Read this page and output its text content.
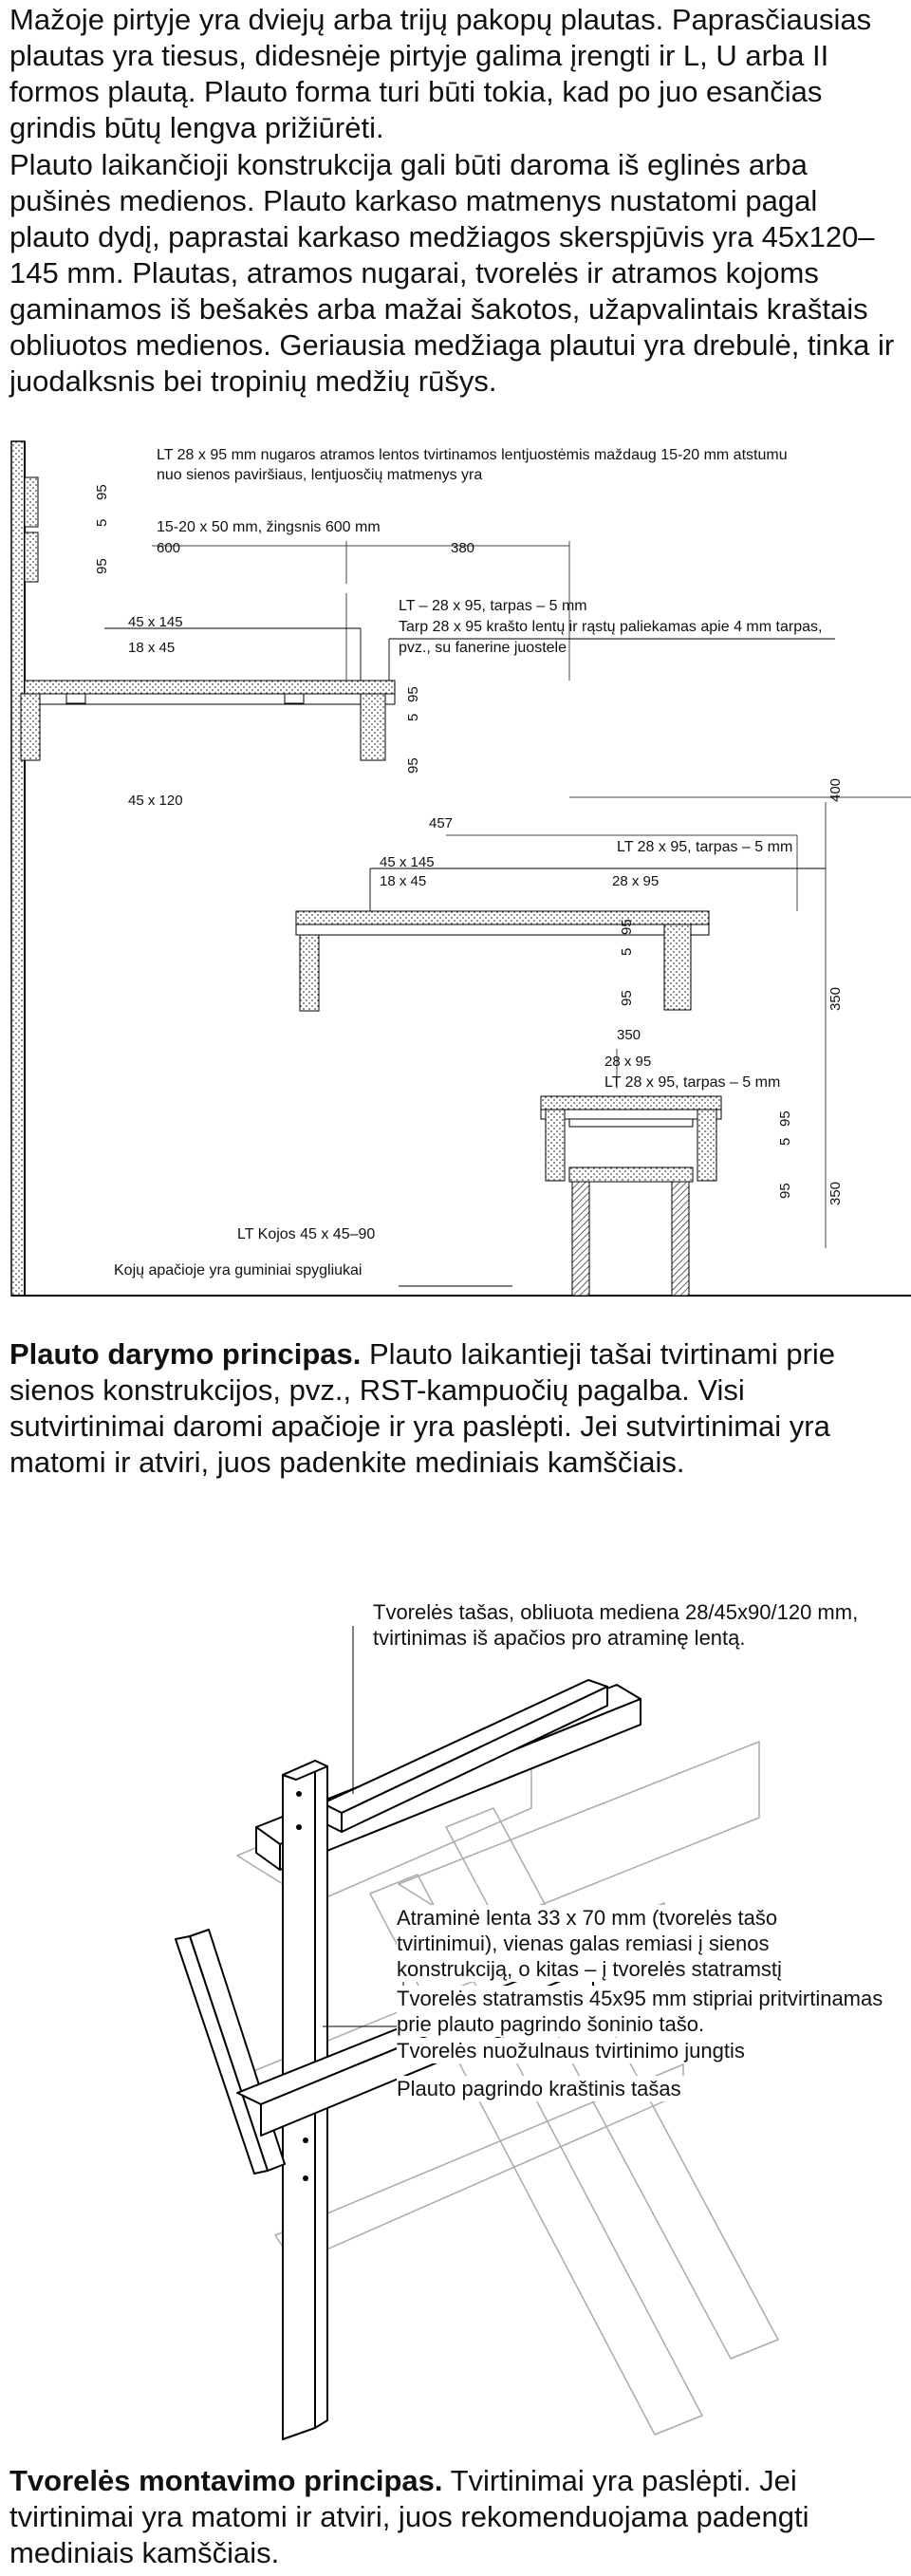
Mažoje pirtyje yra dviejų arba trijų pakopų plautas. Paprasčiausias plautas yra tiesus, didesnėje pirtyje galima įrengti ir L, U arba II formos plautą. Plauto forma turi būti tokia, kad po juo esančias grindis būtų lengva prižiūrėti.

Plauto laikančioji konstrukcija gali būti daroma iš eglinės arba pušinės medienos. Plauto karkaso matmenys nustatomi pagal plauto dydį, paprastai karkaso medžiagos skerspjūvis yra 45x120–145 mm. Plautas, atramos nugarai, tvorelės ir atramos kojoms gaminamos iš bešakės arba mažai šakotos, užapvalintais kraštais obliuotos medienos. Geriausia medžiaga plautui yra drebulė, tinka ir juodalksnis bei tropinių medžių rūšys.

LT 28 x 95 mm nugaros atramos lentos tvirtinamos lentjuostėmis maždaug 15-20 mm atstumu
nuo sienos paviršiaus, lentjuosčių matmenys yra
15-20 x 50 mm, žingsnis 600 mm
600	380
95
5
95
45 x 145
18 x 45
LT – 28 x 95, tarpas – 5 mm
Tarp 28 x 95 krašto lentų ir rąstų paliekamas apie 4 mm tarpas,
pvz., su fanerine juostele
95
5
95
45 x 120	400
457
LT 28 x 95, tarpas – 5 mm
45 x 145
18 x 45	28 x 95
95
5
95	350
350
28 x 95
LT 28 x 95, tarpas – 5 mm
95
5
95 350
LT Kojos 45 x 45–90
Kojų apačioje yra guminiai spygliukai

Plauto darymo principas. Plauto laikantieji tašai tvirtinami prie sienos konstrukcijos, pvz., RST-kampuočių pagalba. Visi sutvirtinimai daromi apačioje ir yra paslėpti. Jei sutvirtinimai yra matomi ir atviri, juos padenkite mediniais kamščiais.

Tvorelės tašas, obliuota mediena 28/45x90/120 mm, tvirtinimas iš apačios pro atraminę lentą.
Atraminė lenta 33 x 70 mm (tvorelės tašo tvirtinimui), vienas galas remiasi į sienos konstrukciją, o kitas – į tvorelės statramstį
Tvorelės statramstis 45x95 mm stipriai pritvirtinamas prie plauto pagrindo šoninio tašo.
Tvorelės nuožulnaus tvirtinimo jungtis
Plauto pagrindo kraštinis tašas

Tvorelės montavimo principas. Tvirtinimai yra paslėpti. Jei tvirtinimai yra matomi ir atviri, juos rekomenduojama padengti mediniais kamščiais.
